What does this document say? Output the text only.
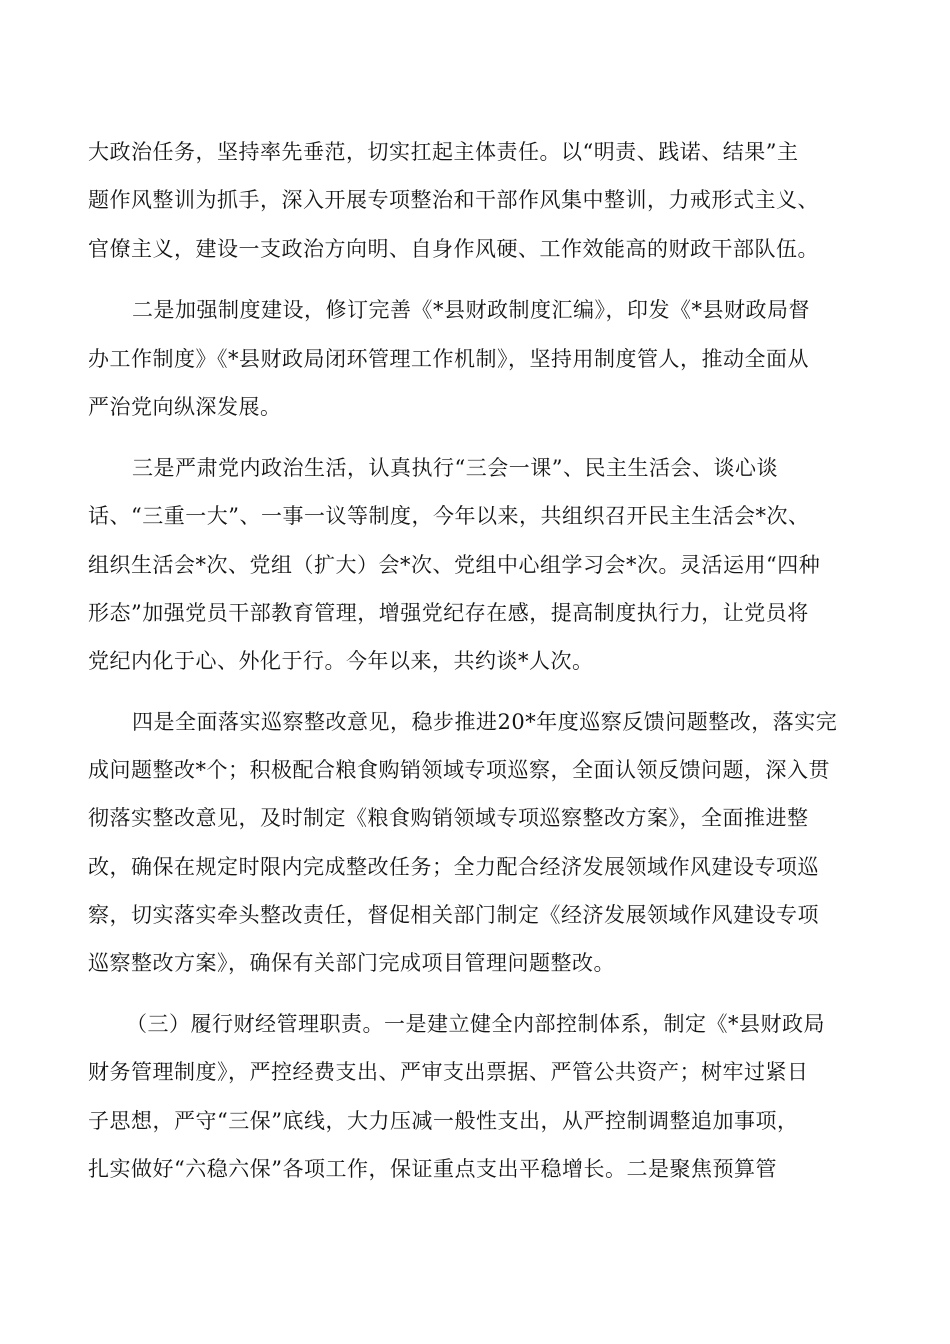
大政治任务，坚持率先垂范，切实扛起主体责任。以“明责、践诺、结果”主

题作风整训为抓手，深入开展专项整治和干部作风集中整训，力戒形式主义、

官僚主义，建设一支政治方向明、自身作风硬、工作效能高的财政干部队伍。

二是加强制度建设，修订完善《*县财政制度汇编》，印发《*县财政局督

办工作制度》《*县财政局闭环管理工作机制》，坚持用制度管人，推动全面从

严治党向纵深发展。

三是严肃党内政治生活，认真执行“三会一课”、民主生活会、谈心谈

话、“三重一大”、一事一议等制度，今年以来，共组织召开民主生活会*次、

组织生活会*次、党组（扩大）会*次、党组中心组学习会*次。灵活运用“四种

形态”加强党员干部教育管理，增强党纪存在感，提高制度执行力，让党员将

党纪内化于心、外化于行。今年以来，共约谈*人次。

四是全面落实巡察整改意见，稳步推进20*年度巡察反馈问题整改，落实完

成问题整改*个；积极配合粮食购销领域专项巡察，全面认领反馈问题，深入贯

彻落实整改意见，及时制定《粮食购销领域专项巡察整改方案》，全面推进整

改，确保在规定时限内完成整改任务；全力配合经济发展领域作风建设专项巡

察，切实落实牵头整改责任，督促相关部门制定《经济发展领域作风建设专项

巡察整改方案》，确保有关部门完成项目管理问题整改。

（三）履行财经管理职责。一是建立健全内部控制体系，制定《*县财政局

财务管理制度》，严控经费支出、严审支出票据、严管公共资产；树牢过紧日

子思想，严守“三保”底线，大力压减一般性支出，从严控制调整追加事项，

扎实做好“六稳六保”各项工作，保证重点支出平稳增长。二是聚焦预算管
